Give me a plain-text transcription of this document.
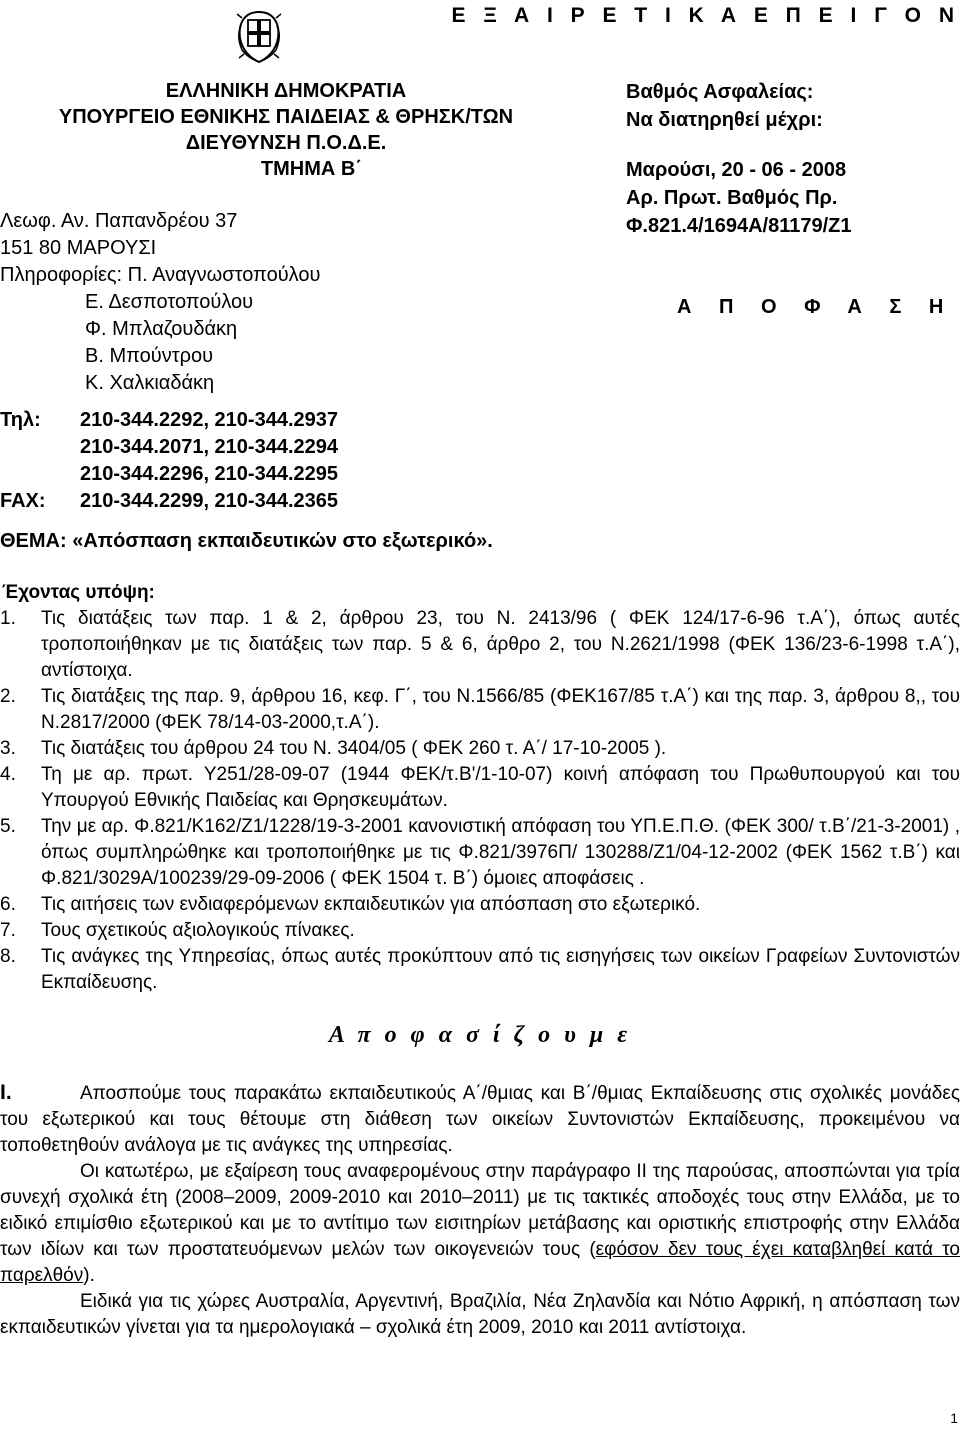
Ε Ξ Α Ι Ρ Ε Τ Ι Κ Α Ε Π Ε Ι Γ Ο Ν
ΕΛΛΗΝΙΚΗ ΔΗΜΟΚΡΑΤΙΑ
ΥΠΟΥΡΓΕΙΟ ΕΘΝΙΚΗΣ ΠΑΙΔΕΙΑΣ & ΘΡΗΣΚ/ΤΩΝ
ΔΙΕΥΘΥΝΣΗ Π.Ο.Δ.Ε.
ΤΜΗΜΑ Β΄
Λεωφ. Αν. Παπανδρέου 37
151 80 ΜΑΡΟΥΣΙ
Πληροφορίες: Π. Αναγνωστοπούλου
Ε. Δεσποτοπούλου
Φ. Μπλαζουδάκη
Β. Μπούντρου
Κ. Χαλκιαδάκη
Τηλ: 210-344.2292, 210-344.2937
210-344.2071, 210-344.2294
210-344.2296, 210-344.2295
FAX: 210-344.2299, 210-344.2365
Βαθμός Ασφαλείας:
Να διατηρηθεί μέχρι:
Μαρούσι, 20 - 06 - 2008
Αρ. Πρωτ. Βαθμός Πρ.
Φ.821.4/1694Α/81179/Ζ1
Α Π Ο Φ Α Σ Η
ΘΕΜΑ: «Απόσπαση εκπαιδευτικών στο εξωτερικό».
Έχοντας υπόψη:
1.	Τις διατάξεις των παρ. 1 & 2, άρθρου 23, του Ν. 2413/96 ( ΦΕΚ 124/17-6-96 τ.Α΄), όπως αυτές τροποποιήθηκαν με τις διατάξεις των παρ. 5 & 6, άρθρο 2, του Ν.2621/1998 (ΦΕΚ 136/23-6-1998 τ.Α΄), αντίστοιχα.
2.	Τις διατάξεις της παρ. 9, άρθρου 16, κεφ. Γ΄, του Ν.1566/85 (ΦΕΚ167/85 τ.Α΄) και της παρ. 3, άρθρου 8,, του Ν.2817/2000 (ΦΕΚ 78/14-03-2000,τ.Α΄).
3.	Τις διατάξεις του άρθρου 24 του Ν. 3404/05 ( ΦΕΚ 260 τ. Α΄/ 17-10-2005 ).
4.	Τη με αρ. πρωτ. Υ251/28-09-07 (1944 ΦΕΚ/τ.Β'/1-10-07) κοινή απόφαση του Πρωθυπουργού και του Υπουργού Εθνικής Παιδείας και Θρησκευμάτων.
5.	Την με αρ. Φ.821/Κ162/Ζ1/1228/19-3-2001 κανονιστική απόφαση του ΥΠ.Ε.Π.Θ. (ΦΕΚ 300/ τ.Β΄/21-3-2001) , όπως συμπληρώθηκε και τροποποιήθηκε με τις Φ.821/3976Π/ 130288/Ζ1/04-12-2002 (ΦΕΚ 1562 τ.Β΄) και Φ.821/3029Α/100239/29-09-2006 ( ΦΕΚ 1504 τ. Β΄) όμοιες αποφάσεις .
6.	Τις αιτήσεις των ενδιαφερόμενων εκπαιδευτικών για απόσπαση στο εξωτερικό.
7.	Τους σχετικούς αξιολογικούς πίνακες.
8.	Τις ανάγκες της Υπηρεσίας, όπως αυτές προκύπτουν από τις εισηγήσεις των οικείων Γραφείων Συντονιστών Εκπαίδευσης.
Α π ο φ α σ ί ζ ο υ μ ε

Ι.	Αποσπούμε τους παρακάτω εκπαιδευτικούς Α΄/θμιας και Β΄/θμιας Εκπαίδευσης στις σχολικές μονάδες του εξωτερικού και τους θέτουμε στη διάθεση των οικείων Συντονιστών Εκπαίδευσης, προκειμένου να τοποθετηθούν ανάλογα με τις ανάγκες της υπηρεσίας.

Οι κατωτέρω, με εξαίρεση τους αναφερομένους στην παράγραφο ΙΙ της παρούσας, αποσπώνται για τρία συνεχή σχολικά έτη (2008–2009, 2009-2010 και 2010–2011) με τις τακτικές αποδοχές τους στην Ελλάδα, με το ειδικό επιμίσθιο εξωτερικού και με το αντίτιμο των εισιτηρίων μετάβασης και οριστικής επιστροφής στην Ελλάδα των ιδίων και των προστατευόμενων μελών των οικογενειών τους (εφόσον δεν τους έχει καταβληθεί κατά το παρελθόν).

Ειδικά για τις χώρες Αυστραλία, Αργεντινή, Βραζιλία, Νέα Ζηλανδία και Νότιο Αφρική, η απόσπαση των εκπαιδευτικών γίνεται για τα ημερολογιακά – σχολικά έτη 2009, 2010 και 2011 αντίστοιχα.

1
